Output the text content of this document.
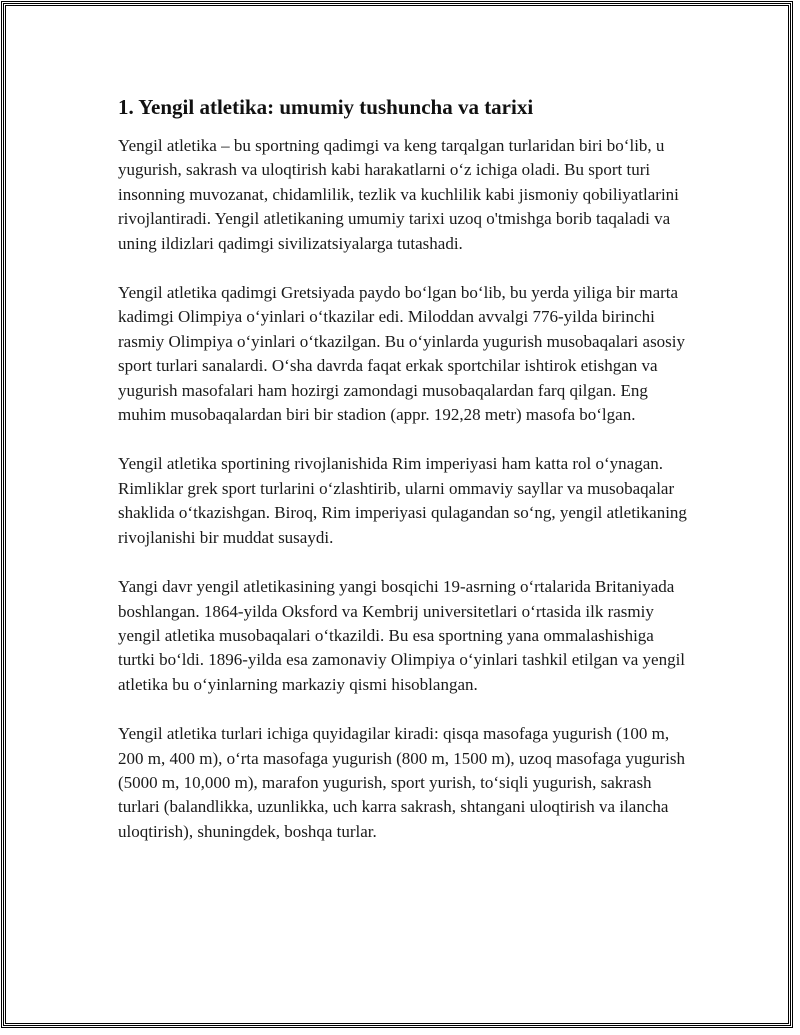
1. Yengil atletika: umumiy tushuncha va tarixi

Yengil atletika – bu sportning qadimgi va keng tarqalgan turlaridan biri bo‘lib, u yugurish, sakrash va uloqtirish kabi harakatlarni o‘z ichiga oladi. Bu sport turi insonning muvozanat, chidamlilik, tezlik va kuchlilik kabi jismoniy qobiliyatlarini rivojlantiradi. Yengil atletikaning umumiy tarixi uzoq o'tmishga borib taqaladi va uning ildizlari qadimgi sivilizatsiyalarga tutashadi.

Yengil atletika qadimgi Gretsiyada paydo bo‘lgan bo‘lib, bu yerda yiliga bir marta kadimgi Olimpiya o‘yinlari o‘tkazilar edi. Miloddan avvalgi 776-yilda birinchi rasmiy Olimpiya o‘yinlari o‘tkazilgan. Bu o‘yinlarda yugurish musobaqalari asosiy sport turlari sanalardi. O‘sha davrda faqat erkak sportchilar ishtirok etishgan va yugurish masofalari ham hozirgi zamondagi musobaqalardan farq qilgan. Eng muhim musobaqalardan biri bir stadion (appr. 192,28 metr) masofa bo‘lgan.

Yengil atletika sportining rivojlanishida Rim imperiyasi ham katta rol o‘ynagan. Rimliklar grek sport turlarini o‘zlashtirib, ularni ommaviy sayllar va musobaqalar shaklida o‘tkazishgan. Biroq, Rim imperiyasi qulagandan so‘ng, yengil atletikaning rivojlanishi bir muddat susaydi.

Yangi davr yengil atletikasining yangi bosqichi 19-asrning o‘rtalarida Britaniyada boshlangan. 1864-yilda Oksford va Kembrij universitetlari o‘rtasida ilk rasmiy yengil atletika musobaqalari o‘tkazildi. Bu esa sportning yana ommalashishiga turtki bo‘ldi. 1896-yilda esa zamonaviy Olimpiya o‘yinlari tashkil etilgan va yengil atletika bu o‘yinlarning markaziy qismi hisoblangan.

Yengil atletika turlari ichiga quyidagilar kiradi: qisqa masofaga yugurish (100 m, 200 m, 400 m), o‘rta masofaga yugurish (800 m, 1500 m), uzoq masofaga yugurish (5000 m, 10,000 m), marafon yugurish, sport yurish, to‘siqli yugurish, sakrash turlari (balandlikka, uzunlikka, uch karra sakrash, shtangani uloqtirish va ilancha uloqtirish), shuningdek, boshqa turlar.
